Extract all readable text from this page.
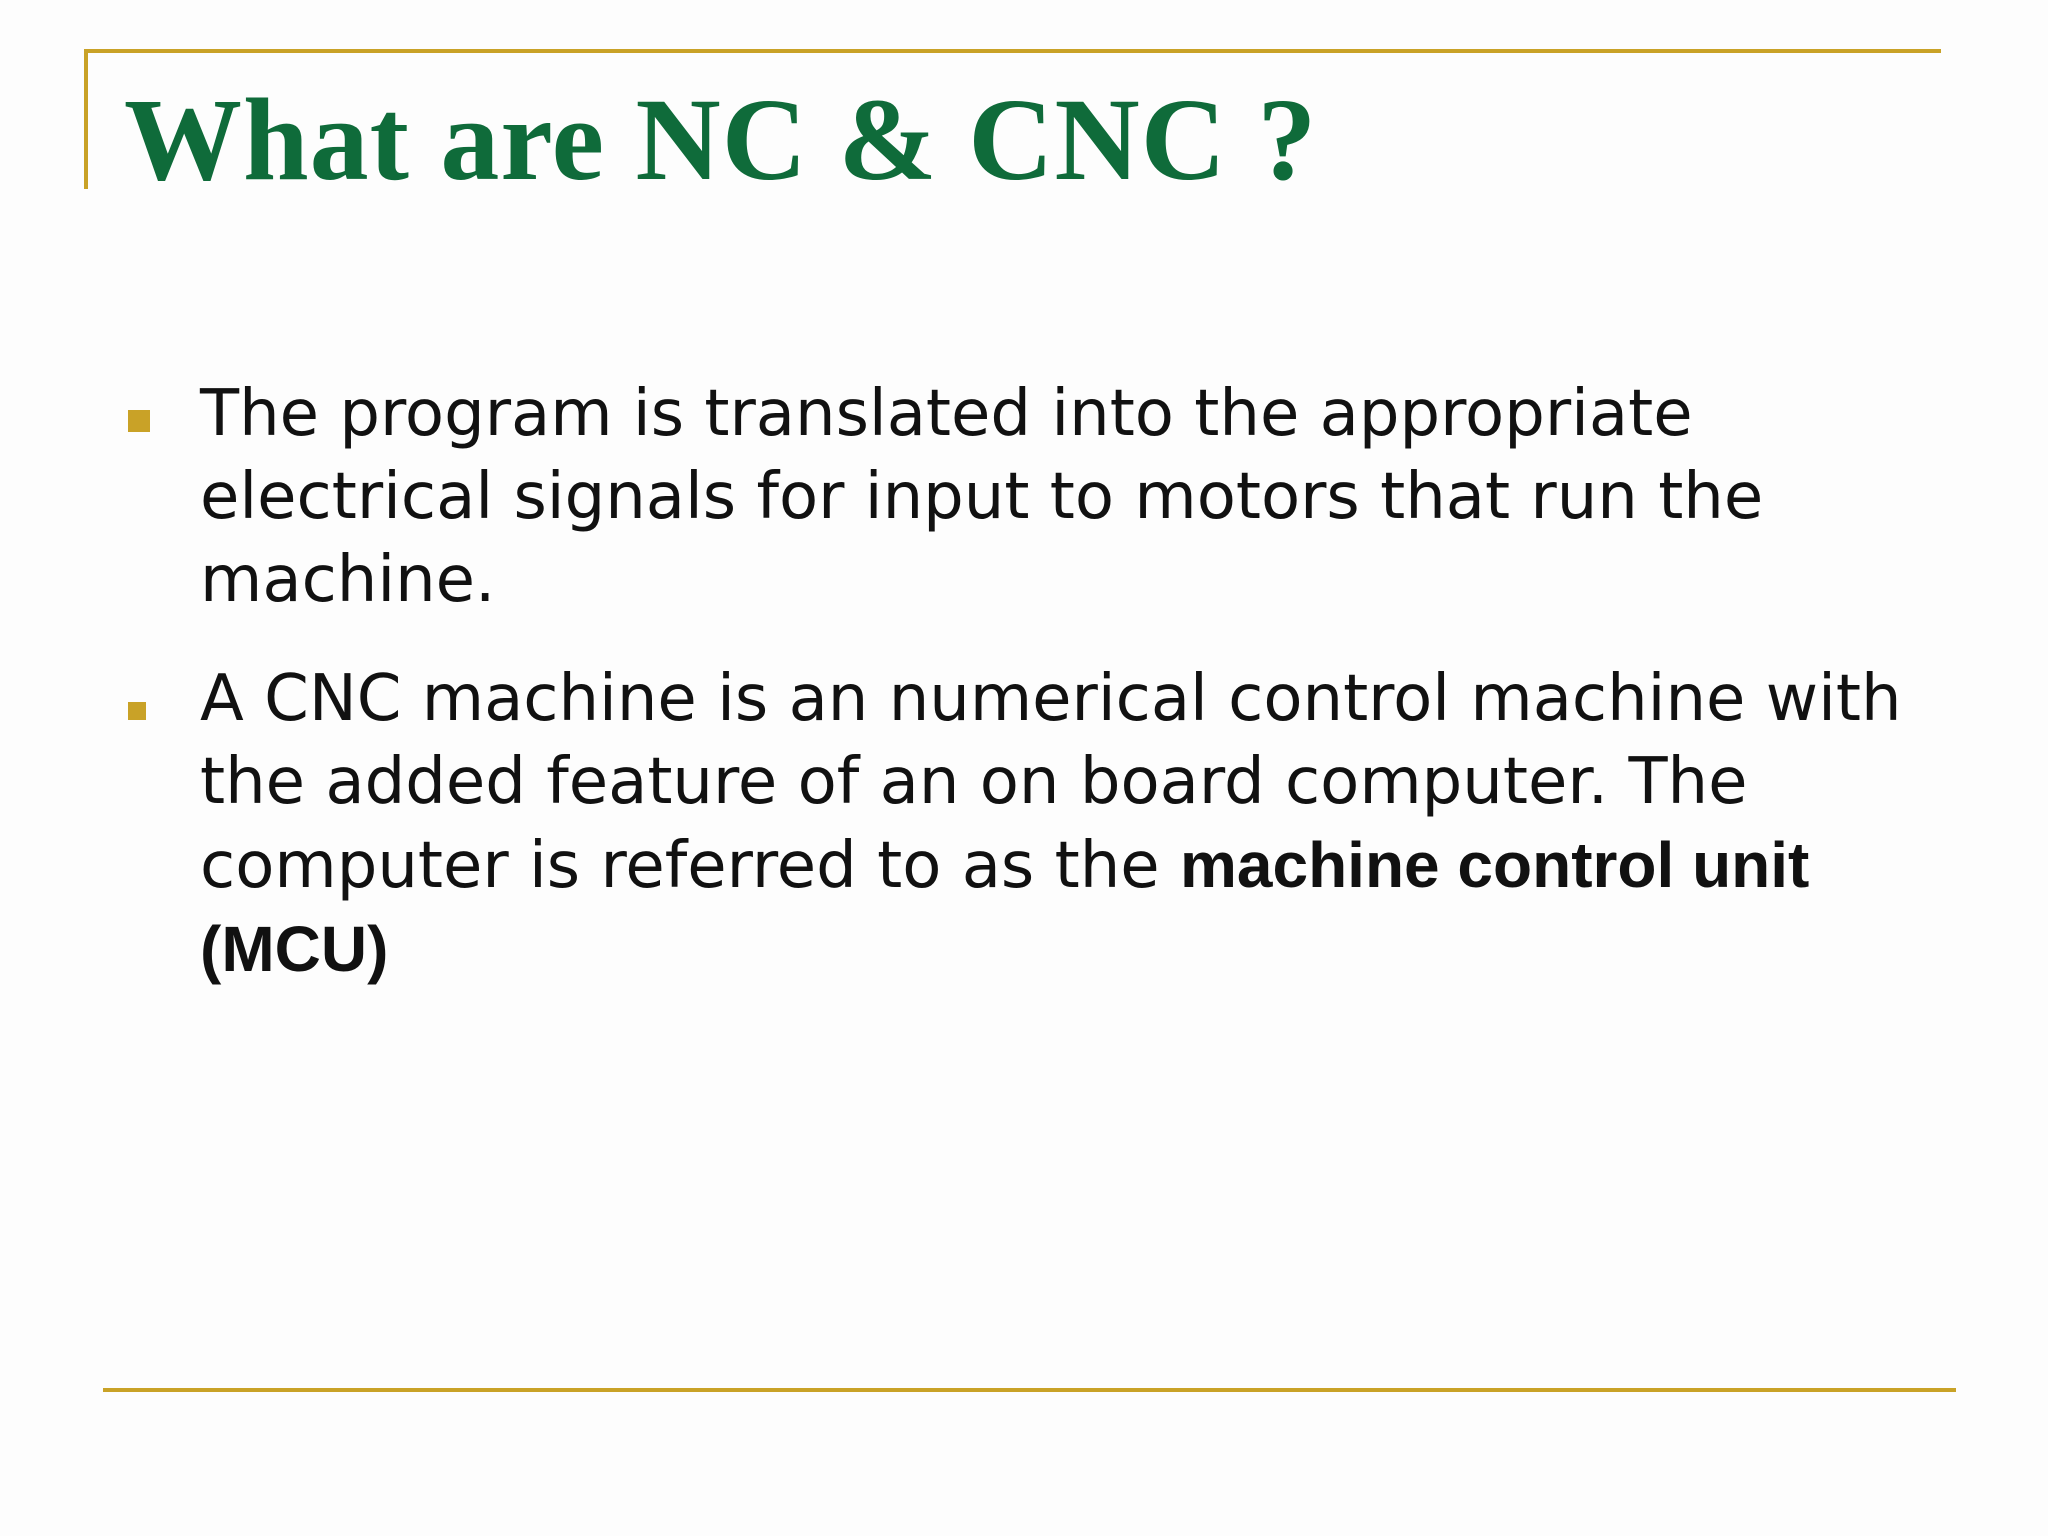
What are NC & CNC ?

The program is translated into the appropriate electrical signals for input to motors that run the machine.

A CNC machine is an numerical control machine with the added feature of an on board computer. The computer is referred to as the machine control unit (MCU)
